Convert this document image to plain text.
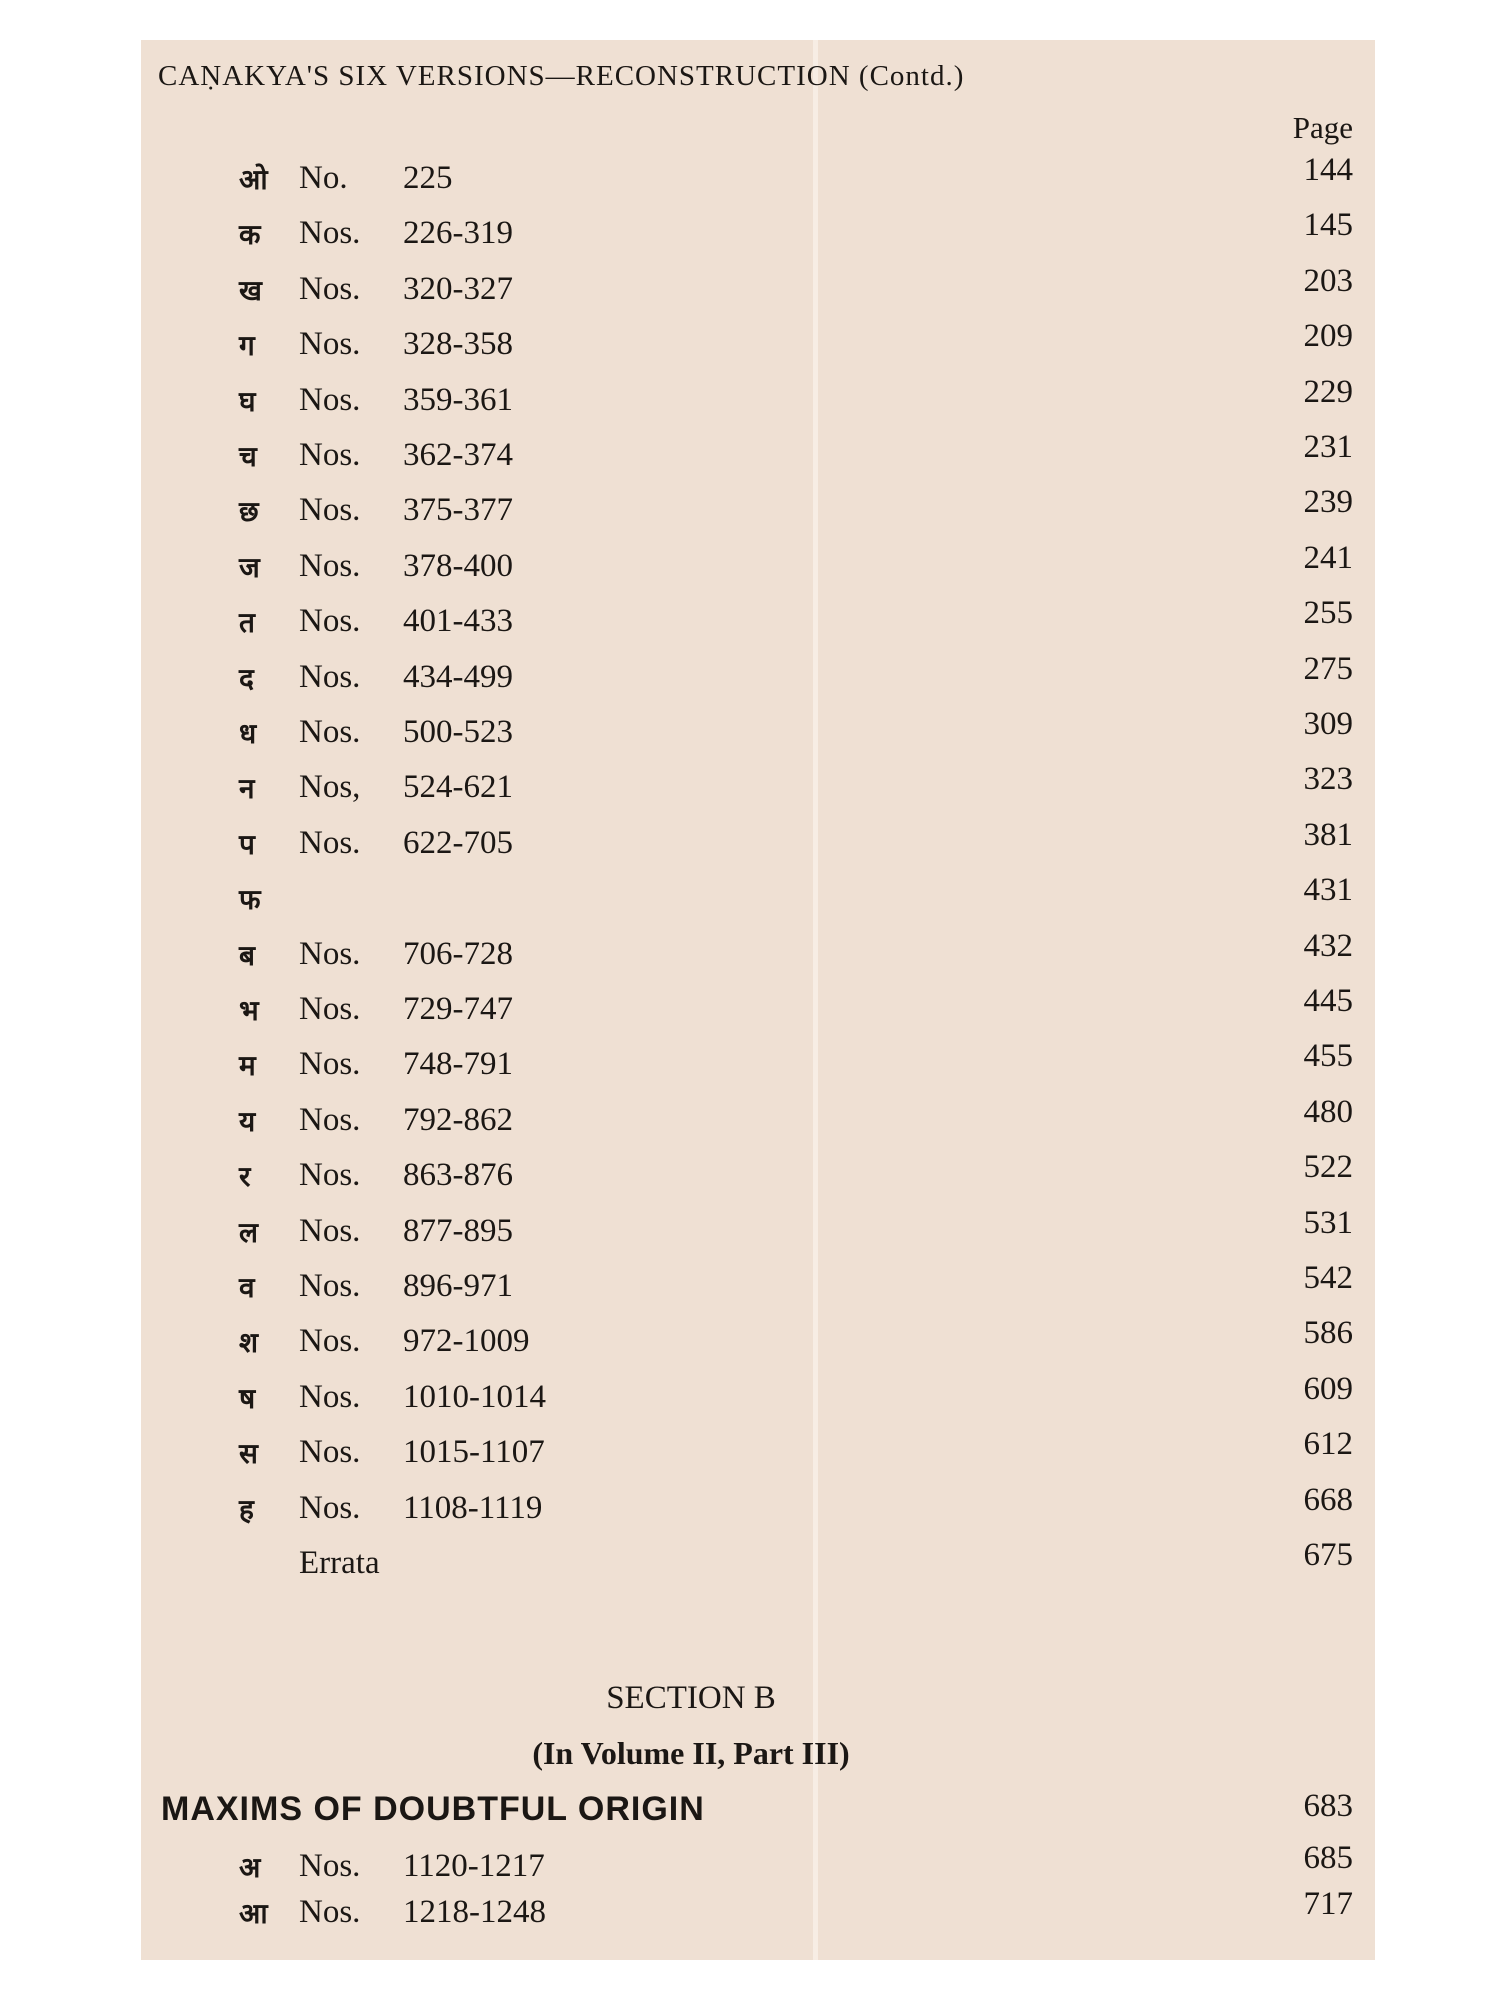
CAṆAKYA'S SIX VERSIONS—RECONSTRUCTION (Contd.)
Page
ओ No. 225	144
क Nos. 226-319	145
ख Nos. 320-327	203
ग Nos. 328-358	209
घ Nos. 359-361	229
च Nos. 362-374	231
छ Nos. 375-377	239
ज Nos. 378-400	241
त Nos. 401-433	255
द Nos. 434-499	275
ध Nos. 500-523	309
न Nos, 524-621	323
प Nos. 622-705	381
फ	431
ब Nos. 706-728	432
भ Nos. 729-747	445
म Nos. 748-791	455
य Nos. 792-862	480
र Nos. 863-876	522
ल Nos. 877-895	531
व Nos. 896-971	542
श Nos. 972-1009	586
ष Nos. 1010-1014	609
स Nos. 1015-1107	612
ह Nos. 1108-1119	668
Errata	675
SECTION B
(In Volume II, Part III)
MAXIMS OF DOUBTFUL ORIGIN	683
अ Nos. 1120-1217	685
आ Nos. 1218-1248	717
